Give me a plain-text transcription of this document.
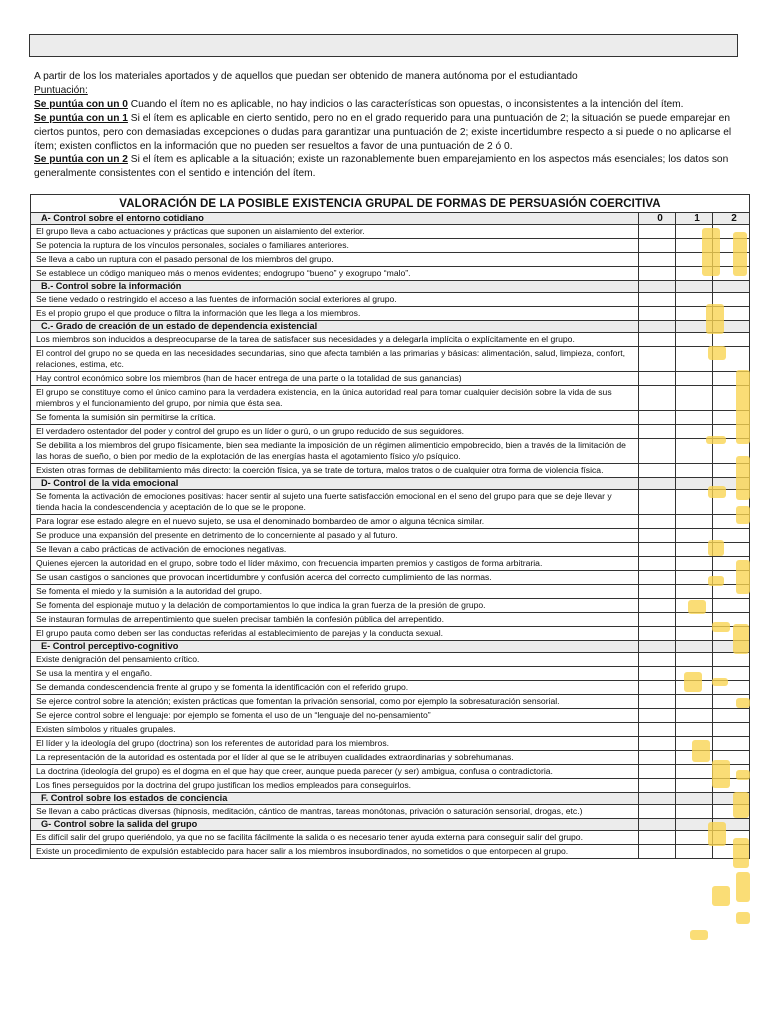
A partir de los los materiales aportados y de aquellos que puedan ser obtenido de manera autónoma por el estudiantado

Puntuación:

Se puntúa con un 0 Cuando el ítem no es aplicable, no hay indicios o las características son opuestas, o inconsistentes a la intención del ítem.

Se puntúa con un 1 Si el ítem es aplicable en cierto sentido, pero no en el grado requerido para una puntuación de 2; la situación se puede emparejar en ciertos puntos, pero con demasiadas excepciones o dudas para garantizar una puntuación de 2; existe incertidumbre respecto a si puede o no aplicarse el ítem; existen conflictos en la información que no pueden ser resueltos a favor de una puntuación de 2 ó 0.

Se puntúa con un 2 Si el ítem es aplicable a la situación; existe un razonablemente buen emparejamiento en los aspectos más esenciales; los datos son generalmente consistentes con el sentido e intención del ítem.

VALORACIÓN DE LA POSIBLE EXISTENCIA GRUPAL DE FORMAS DE PERSUASIÓN COERCITIVA
A- Control sobre el entorno cotidiano	0	1	2
El grupo lleva a cabo actuaciones y prácticas que suponen un aislamiento del exterior.			
Se potencia la ruptura de los vínculos personales, sociales o familiares anteriores.			
Se lleva a cabo un ruptura con el pasado personal de los miembros del grupo.			
Se establece un código maniqueo más o menos evidentes; endogrupo “bueno” y exogrupo “malo”.			
B.- Control sobre la información			
Se tiene vedado o restringido el acceso a las fuentes de información social exteriores al grupo.			
Es el propio grupo el que produce o filtra la información que les llega a los miembros.			
C.- Grado de creación de un estado de dependencia existencial			
Los miembros son inducidos a despreocuparse de la tarea de satisfacer sus necesidades y a delegarla implícita o explícitamente en el grupo.			
El control del grupo no se queda en las necesidades secundarias, sino que afecta también a las primarias y básicas: alimentación, salud, limpieza, confort, relaciones, estima, etc.			
Hay control económico sobre los miembros (han de hacer entrega de una parte o la totalidad de sus ganancias)			
El grupo se constituye como el único camino para la verdadera existencia, en la única autoridad real para tomar cualquier decisión sobre la vida de sus miembros y el funcionamiento del grupo, por nimia que ésta sea.			
Se fomenta la sumisión sin permitirse la crítica.			
El verdadero ostentador del poder y control del grupo es un líder o gurú, o un grupo reducido de sus seguidores.			
Se debilita a los miembros del grupo físicamente, bien sea mediante la imposición de un régimen alimenticio empobrecido, bien a través de la limitación de las horas de sueño, o bien por medio de la explotación de las energías hasta el agotamiento físico y/o psíquico.			
Existen otras formas de debilitamiento más directo: la coerción física, ya se trate de tortura, malos tratos o de cualquier otra forma de violencia física.			
D- Control de la vida emocional			
Se fomenta la activación de emociones positivas: hacer sentir al sujeto una fuerte satisfacción emocional en el seno del grupo para que se deje llevar y tienda hacia la condescendencia y aceptación de lo que se le propone.			
Para lograr ese estado alegre en el nuevo sujeto, se usa el denominado bombardeo de amor o alguna técnica similar.			
Se produce una expansión del presente en detrimento de lo concerniente al pasado y al futuro.			
Se llevan a cabo prácticas de activación de emociones negativas.			
Quienes ejercen la autoridad en el grupo, sobre todo el líder máximo, con frecuencia imparten premios y castigos de forma arbitraria.			
Se usan castigos o sanciones que provocan incertidumbre y confusión acerca del correcto cumplimiento de las normas.			
Se fomenta el miedo y la sumisión a la autoridad del grupo.			
Se fomenta del espionaje mutuo y la delación de comportamientos lo que indica la gran fuerza de la presión de grupo.			
Se instauran formulas de arrepentimiento que suelen precisar también la confesión pública del arrepentido.			
El grupo pauta como deben ser las conductas referidas al establecimiento de parejas y la conducta sexual.			
E- Control perceptivo-cognitivo			
Existe denigración del pensamiento crítico.			
Se usa la mentira y el engaño.			
Se demanda condescendencia frente al grupo y se fomenta la identificación con el referido grupo.			
Se ejerce control sobre la atención; existen prácticas que fomentan la privación sensorial, como por ejemplo la sobresaturación sensorial.			
Se ejerce control sobre el lenguaje: por ejemplo se fomenta el uso de un “lenguaje del no-pensamiento”			
Existen símbolos y rituales grupales.			
El líder y la ideología del grupo (doctrina) son los referentes de autoridad para los miembros.			
La representación de la autoridad es ostentada por el líder al que se le atribuyen cualidades extraordinarias y sobrehumanas.			
La doctrina (ideología del grupo) es el dogma en el que hay que creer, aunque pueda parecer (y ser) ambigua, confusa o contradictoria.			
Los fines perseguidos por la doctrina del grupo justifican los medios empleados para conseguirlos.			
F. Control sobre los estados de conciencia			
Se llevan a cabo prácticas diversas (hipnosis, meditación, cántico de mantras, tareas monótonas, privación o saturación sensorial, drogas, etc.)			
G- Control sobre la salida del grupo			
Es difícil salir del grupo queriéndolo, ya que no se facilita fácilmente la salida o es necesario tener ayuda externa para conseguir salir del grupo.			
Existe un procedimiento de expulsión establecido para hacer salir a los miembros insubordinados, no sometidos o que entorpecen al grupo.			
